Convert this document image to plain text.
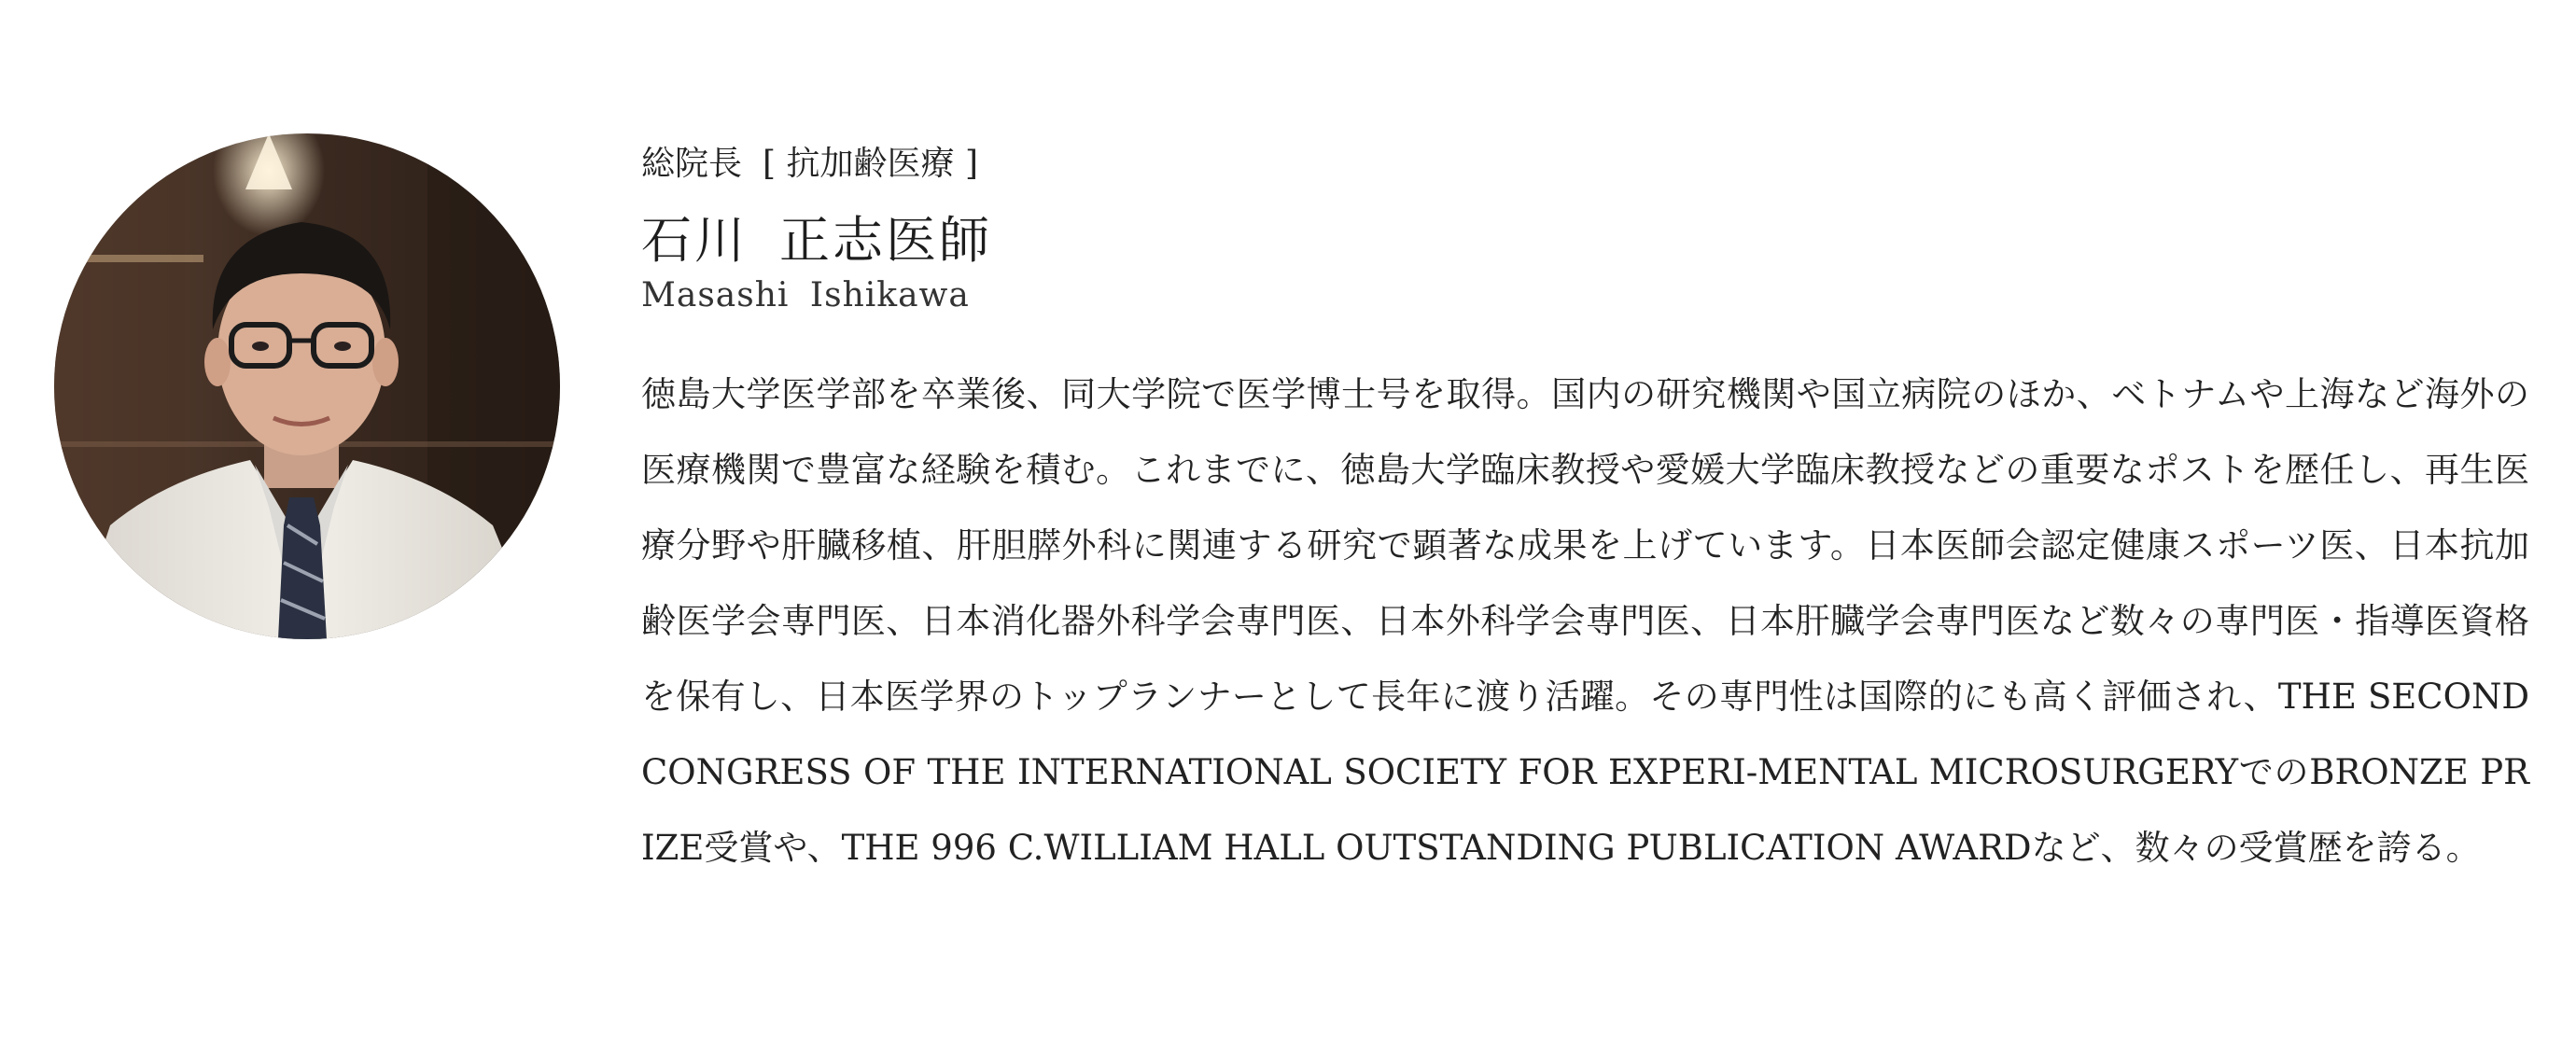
総院長 [ 抗加齢医療 ]
石川 正志医師
Masashi Ishikawa

徳島大学医学部を卒業後、同大学院で医学博士号を取得。国内の研究機関や国立病院のほか、ベトナムや上海など海外の医療機関で豊富な経験を積む。これまでに、徳島大学臨床教授や愛媛大学臨床教授などの重要なポストを歴任し、再生医療分野や肝臓移植、肝胆膵外科に関連する研究で顕著な成果を上げています。日本医師会認定健康スポーツ医、日本抗加齢医学会専門医、日本消化器外科学会専門医、日本外科学会専門医、日本肝臓学会専門医など数々の専門医・指導医資格を保有し、日本医学界のトップランナーとして長年に渡り活躍。その専門性は国際的にも高く評価され、THE SECOND CONGRESS OF THE INTERNATIONAL SOCIETY FOR EXPERI-MENTAL MICROSURGERYでのBRONZE PRIZE受賞や、THE 996 C.WILLIAM HALL OUTSTANDING PUBLICATION AWARDなど、数々の受賞歴を誇る。
